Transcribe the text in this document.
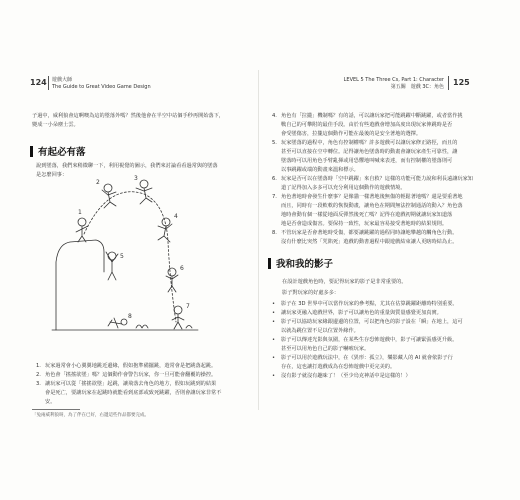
124 遊戲大師
The Guide to Great Video Game Design
LEVEL 5 The Three Cs, Part 1: Character
第五關　遊戲 3C：角色 125

子過中，威利狼會這啊噢為這的墜落外嗎？然後他會在半空中站個手秒再開始落下，

變成一小朵塵土雲。

有起必有落

說到墜落，我們來稍微聊一下，利用視覺的圖示，我們來討論看看過常與的墜落

是怎麼回事：

1
2
3
4
5
6
7
8
1. 玩家過常會小心翼翼地跳近邊緣，假如抱準備擺跳，遊常會是把跳落起跳。
2. 角色會「搖搖欲墜」嗎？這個動作會警告玩家，你一旦可能會翻覆的操控。
3. 讓玩家可以從「搖搖欲墜」起跳，讓飛落去角色的地方，假如玩跳到的結果
會是死亡，要讓玩家在起跳時就能看到底部或致死跳躍，否則會讓玩家非常不
安。
「兔兩威利狼呀，為了伴在已好，右邊這些作品都要完成。
4. 角色有「拉攏」機制嗎？有的話，可以讓玩家把可能跳躍中斷跳躍，或者當作挑
戰自己的可攀附的最佳手段。由於有些遊戲會增加高度出現玩家伸跳時是否
會受墜傷害，拉攏這個動作可能在最後的是安全著地的選擇。
5. 玩家墜落的過程中，角色有控制權嗎？許多遊戲可以讓玩家修正路徑，而且的
甚至可以直接在空中轉位。記得讓角色墜落時的動畫會讓玩家產生可靠性，讓
墜落時可以用角色手臂亂揮或用恐懼地叫喊來表達，而有控制權的墜落則可
以事跳躍或端的動畫來溫和標示。
6. 玩家是否可以在墜落時「空中跳躍」來自救？這樣的功能可能力說和利長遠讓玩家知
道了記得加入多多可以充分利用這個動作的遊戲情境。
7. 角色著地時會發生什麼事？是像貓一樣著地後無傷的輕鬆著地嗎？還是要重著地
而且，同時有一段軟軟的恢復動畫，讓角色在期間無法控制通話的動入？角色落
地時會動有個一樣從地面反彈然後死亡嗎？記得在遊戲初期就讓玩家知道落
地是否會造成傷害。要保持一致性，玩家最容易接受著地時的結果規則。
8. 不管玩家是否會著地時受傷，都要讓跳躍的過程同時讓地攀越的觸角色行動。
沒有什麼比突然「咒陷死」遊戲的動書過程中跟遊戲結束讓人更瞎時結為止。
我和我的影子

在設計遊戲角色時，要記得玩家的影子是非常重要的。

影子對玩家的好處多多：

• 影子在 3D 世界中可以當作玩家的參考點，尤其在估算跳躍距離時特別重要。
• 讓玩家更融入遊戲世界，影子可以讓角色的重量與質量感覺更加真實。
• 影子可以協助玩家緣跟邊邊的位置，可以把角色的影子設在「瞬」在地上，這可
以就為跳位置不足以位置外緣作。
• 影子可以傳達光影與氛圍，在某些生存恐怖遊戲中，影子可讓緊張感更升級。
甚至可以用角色自己的影子嚇唬玩家。
• 影子可以用於遊戲玩法中，在《異形：孤立》，樂影藏人的 AI 就會依影子行
存在，這也讓打遊戲成為在恐怖遊戲中更完美的。
• 沒有影子就沒有趣味了！（至少烏克神話中是這樣的！）
